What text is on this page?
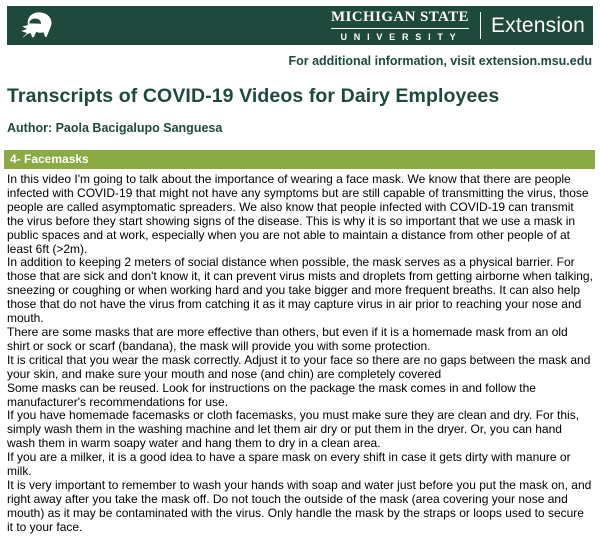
MICHIGAN STATE
UNIVERSITY
Extension
For additional information, visit extension.msu.edu
Transcripts of COVID-19 Videos for Dairy Employees
Author: Paola Bacigalupo Sanguesa
4- Facemasks

In this video I'm going to talk about the importance of wearing a face mask. We know that there are people infected with COVID-19 that might not have any symptoms but are still capable of transmitting the virus, those people are called asymptomatic spreaders. We also know that people infected with COVID-19 can transmit the virus before they start showing signs of the disease. This is why it is so important that we use a mask in public spaces and at work, especially when you are not able to maintain a distance from other people of at least 6ft (>2m).

In addition to keeping 2 meters of social distance when possible, the mask serves as a physical barrier. For those that are sick and don't know it, it can prevent virus mists and droplets from getting airborne when talking, sneezing or coughing or when working hard and you take bigger and more frequent breaths. It can also help those that do not have the virus from catching it as it may capture virus in air prior to reaching your nose and mouth.

There are some masks that are more effective than others, but even if it is a homemade mask from an old shirt or sock or scarf (bandana), the mask will provide you with some protection.

It is critical that you wear the mask correctly. Adjust it to your face so there are no gaps between the mask and your skin, and make sure your mouth and nose (and chin) are completely covered

Some masks can be reused. Look for instructions on the package the mask comes in and follow the manufacturer's recommendations for use.

If you have homemade facemasks or cloth facemasks, you must make sure they are clean and dry. For this, simply wash them in the washing machine and let them air dry or put them in the dryer. Or, you can hand wash them in warm soapy water and hang them to dry in a clean area.

If you are a milker, it is a good idea to have a spare mask on every shift in case it gets dirty with manure or milk.

It is very important to remember to wash your hands with soap and water just before you put the mask on, and right away after you take the mask off. Do not touch the outside of the mask (area covering your nose and mouth) as it may be contaminated with the virus. Only handle the mask by the straps or loops used to secure it to your face.
